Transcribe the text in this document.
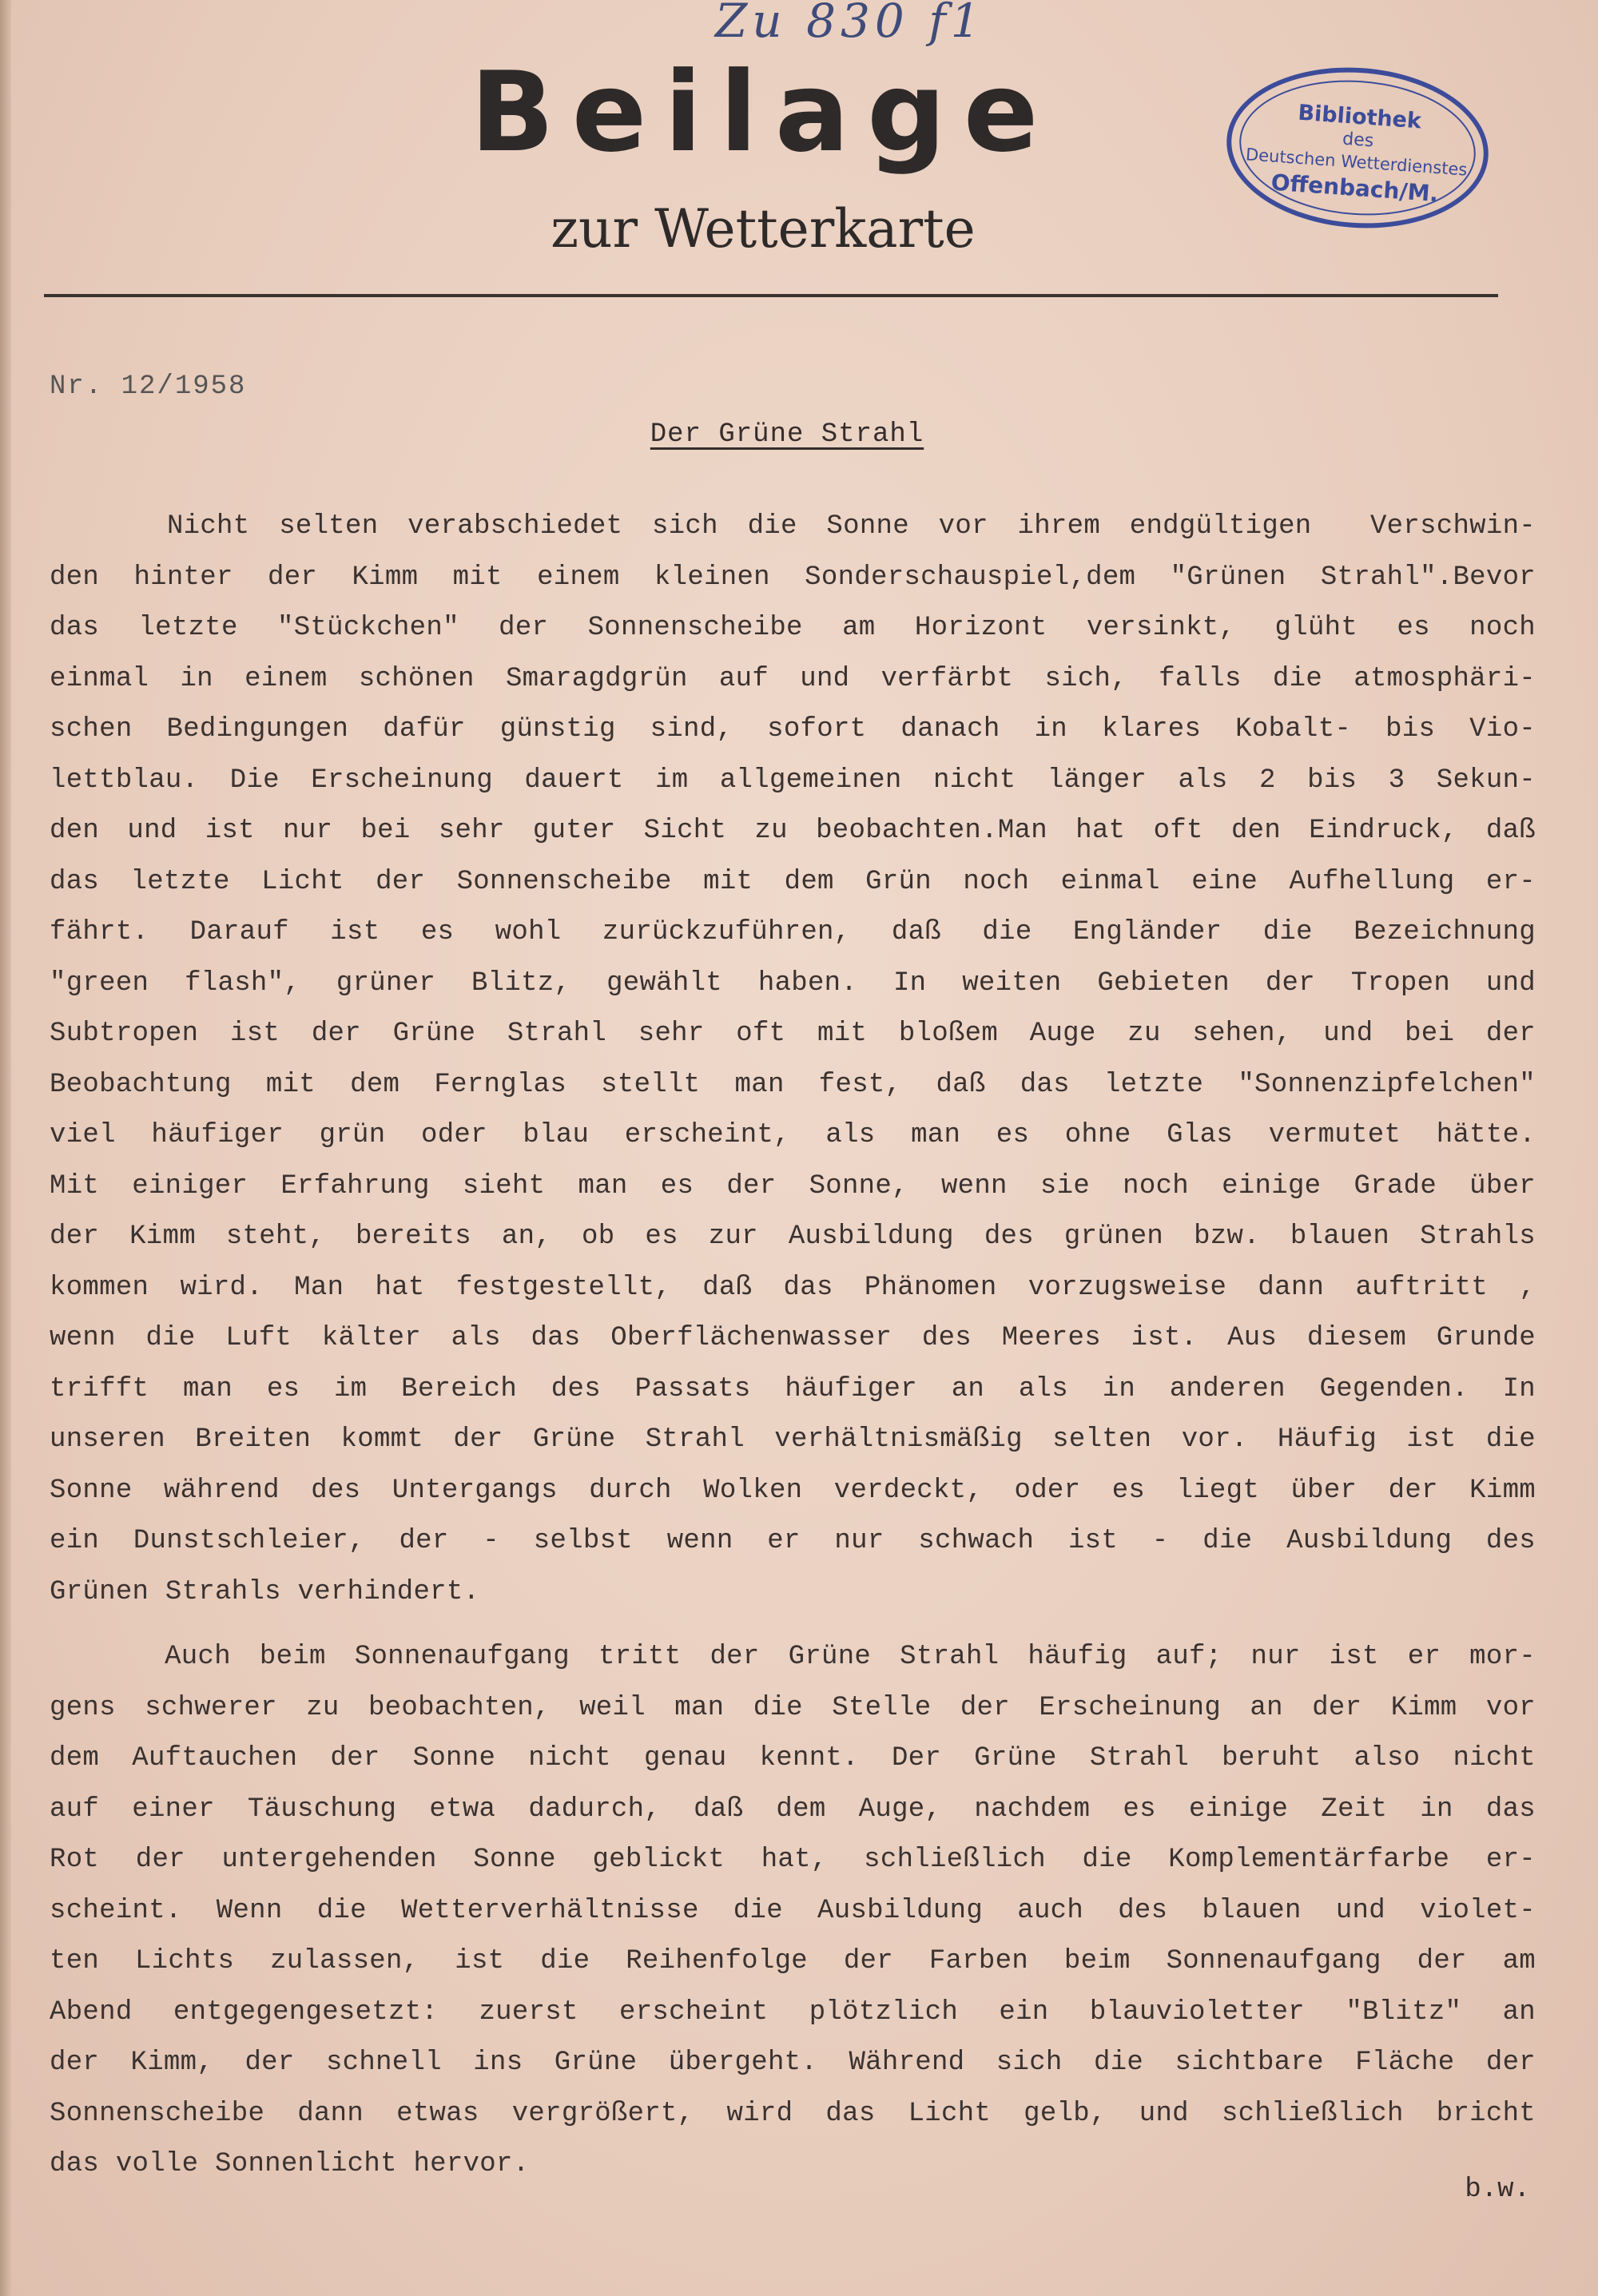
Zu 830 f1
Beilage
zur Wetterkarte
Bibliothek
des
Deutschen Wetterdienstes
Offenbach/M.
Nr. 12/1958
Der Grüne Strahl
Nicht selten verabschiedet sich die Sonne vor ihrem endgültigen  Verschwin-
den hinter der Kimm mit einem kleinen Sonderschauspiel,dem "Grünen Strahl".Bevor
das letzte "Stückchen" der Sonnenscheibe am Horizont versinkt, glüht es noch
einmal in einem schönen Smaragdgrün auf und verfärbt sich, falls die atmosphäri-
schen Bedingungen dafür günstig sind, sofort danach in klares Kobalt- bis Vio-
lettblau. Die Erscheinung dauert im allgemeinen nicht länger als 2 bis 3 Sekun-
den und ist nur bei sehr guter Sicht zu beobachten.Man hat oft den Eindruck, daß
das letzte Licht der Sonnenscheibe mit dem Grün noch einmal eine Aufhellung er-
fährt. Darauf ist es wohl zurückzuführen, daß die Engländer die Bezeichnung
"green flash", grüner Blitz, gewählt haben. In weiten Gebieten der Tropen und
Subtropen ist der Grüne Strahl sehr oft mit bloßem Auge zu sehen, und bei der
Beobachtung mit dem Fernglas stellt man fest, daß das letzte "Sonnenzipfelchen"
viel häufiger grün oder blau erscheint, als man es ohne Glas vermutet hätte.
Mit einiger Erfahrung sieht man es der Sonne, wenn sie noch einige Grade über
der Kimm steht, bereits an, ob es zur Ausbildung des grünen bzw. blauen Strahls
kommen wird. Man hat festgestellt, daß das Phänomen vorzugsweise dann auftritt ,
wenn die Luft kälter als das Oberflächenwasser des Meeres ist. Aus diesem Grunde
trifft man es im Bereich des Passats häufiger an als in anderen Gegenden. In
unseren Breiten kommt der Grüne Strahl verhältnismäßig selten vor. Häufig ist die
Sonne während des Untergangs durch Wolken verdeckt, oder es liegt über der Kimm
ein Dunstschleier, der - selbst wenn er nur schwach ist - die Ausbildung des
Grünen Strahls verhindert.
Auch beim Sonnenaufgang tritt der Grüne Strahl häufig auf; nur ist er mor-
gens schwerer zu beobachten, weil man die Stelle der Erscheinung an der Kimm vor
dem Auftauchen der Sonne nicht genau kennt. Der Grüne Strahl beruht also nicht
auf einer Täuschung etwa dadurch, daß dem Auge, nachdem es einige Zeit in das
Rot der untergehenden Sonne geblickt hat, schließlich die Komplementärfarbe er-
scheint. Wenn die Wetterverhältnisse die Ausbildung auch des blauen und violet-
ten Lichts zulassen, ist die Reihenfolge der Farben beim Sonnenaufgang der am
Abend entgegengesetzt: zuerst erscheint plötzlich ein blauvioletter "Blitz" an
der Kimm, der schnell ins Grüne übergeht. Während sich die sichtbare Fläche der
Sonnenscheibe dann etwas vergrößert, wird das Licht gelb, und schließlich bricht
das volle Sonnenlicht hervor.
b.w.
